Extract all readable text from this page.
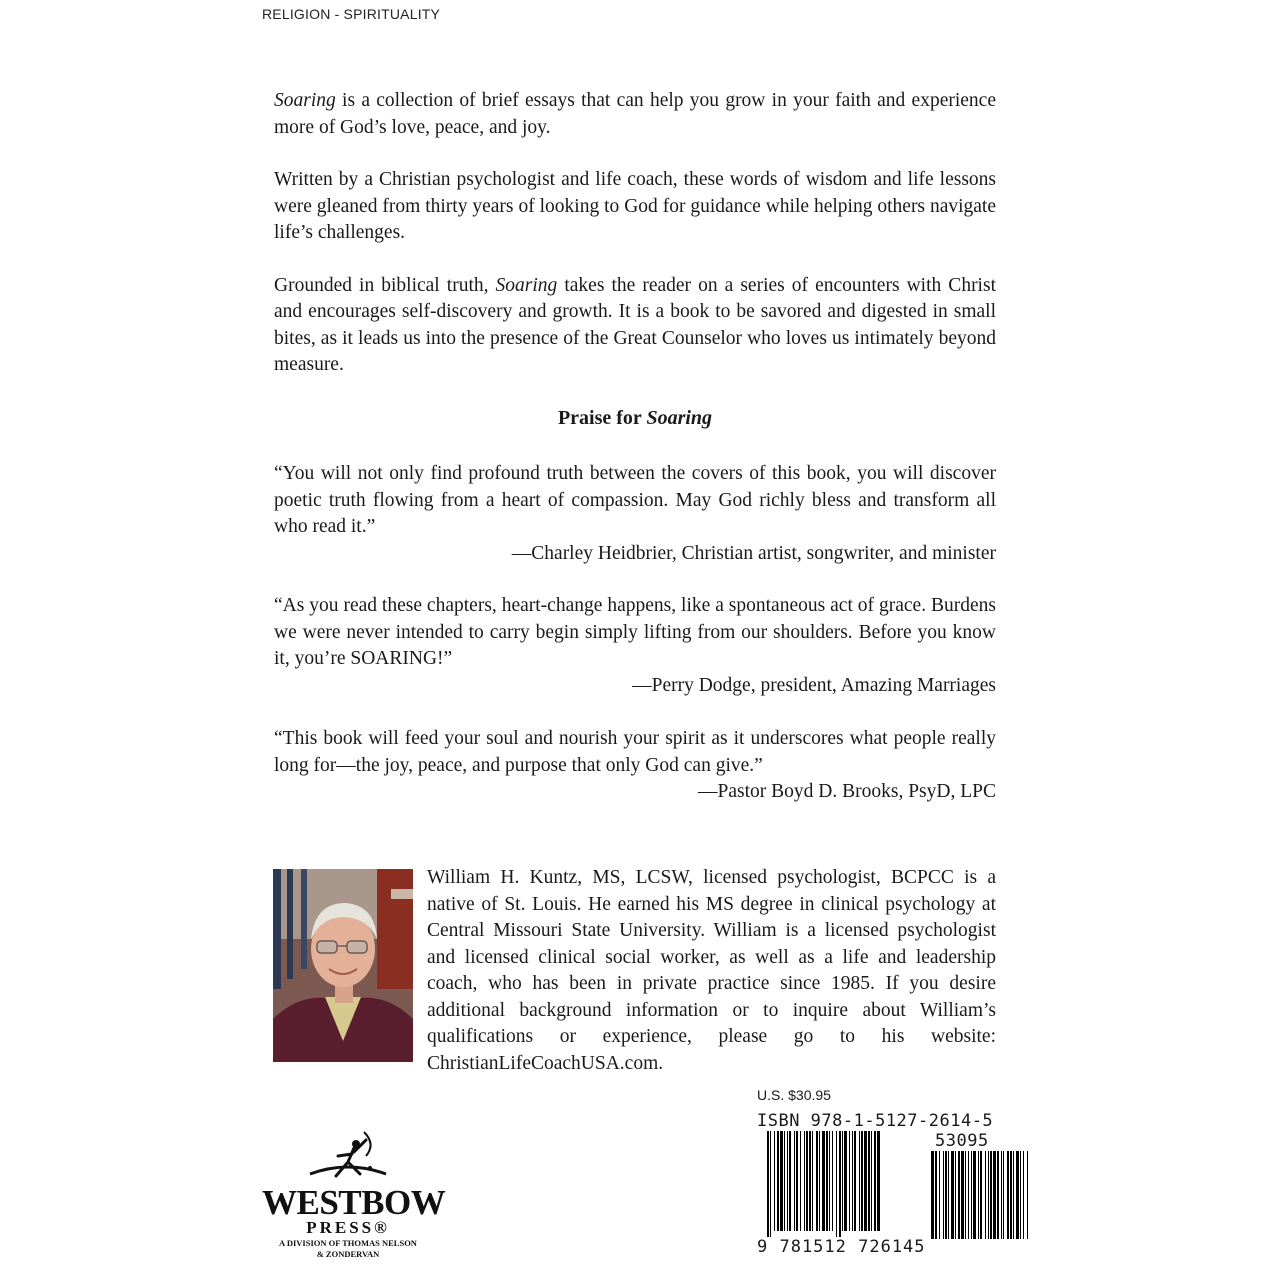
RELIGION - SPIRITUALITY

Soaring is a collection of brief essays that can help you grow in your faith and experience more of God’s love, peace, and joy.

Written by a Christian psychologist and life coach, these words of wisdom and life lessons were gleaned from thirty years of looking to God for guidance while helping others navigate life’s challenges.

Grounded in biblical truth, Soaring takes the reader on a series of encounters with Christ and encourages self-discovery and growth. It is a book to be savored and digested in small bites, as it leads us into the presence of the Great Counselor who loves us intimately beyond measure.

Praise for Soaring

“You will not only find profound truth between the covers of this book, you will discover poetic truth flowing from a heart of compassion. May God richly bless and transform all who read it.”

—Charley Heidbrier, Christian artist, songwriter, and minister

“As you read these chapters, heart-change happens, like a spontaneous act of grace. Burdens we were never intended to carry begin simply lifting from our shoulders. Before you know it, you’re SOARING!”

—Perry Dodge, president, Amazing Marriages

“This book will feed your soul and nourish your spirit as it underscores what people really long for—the joy, peace, and purpose that only God can give.”

—Pastor Boyd D. Brooks, PsyD, LPC

William H. Kuntz, MS, LCSW, licensed psychologist, BCPCC is a native of St. Louis. He earned his MS degree in clinical psychology at Central Missouri State University. William is a licensed psychologist and licensed clinical social worker, as well as a life and leadership coach, who has been in private practice since 1985. If you desire additional background information or to inquire about William’s qualifications or experience, please go to his website: ChristianLifeCoachUSA.com.

WESTBOW
PRESS®
A DIVISION OF THOMAS NELSON
& ZONDERVAN
U.S. $30.95
ISBN 978-1-5127-2614-5
53095
9 781512 726145
